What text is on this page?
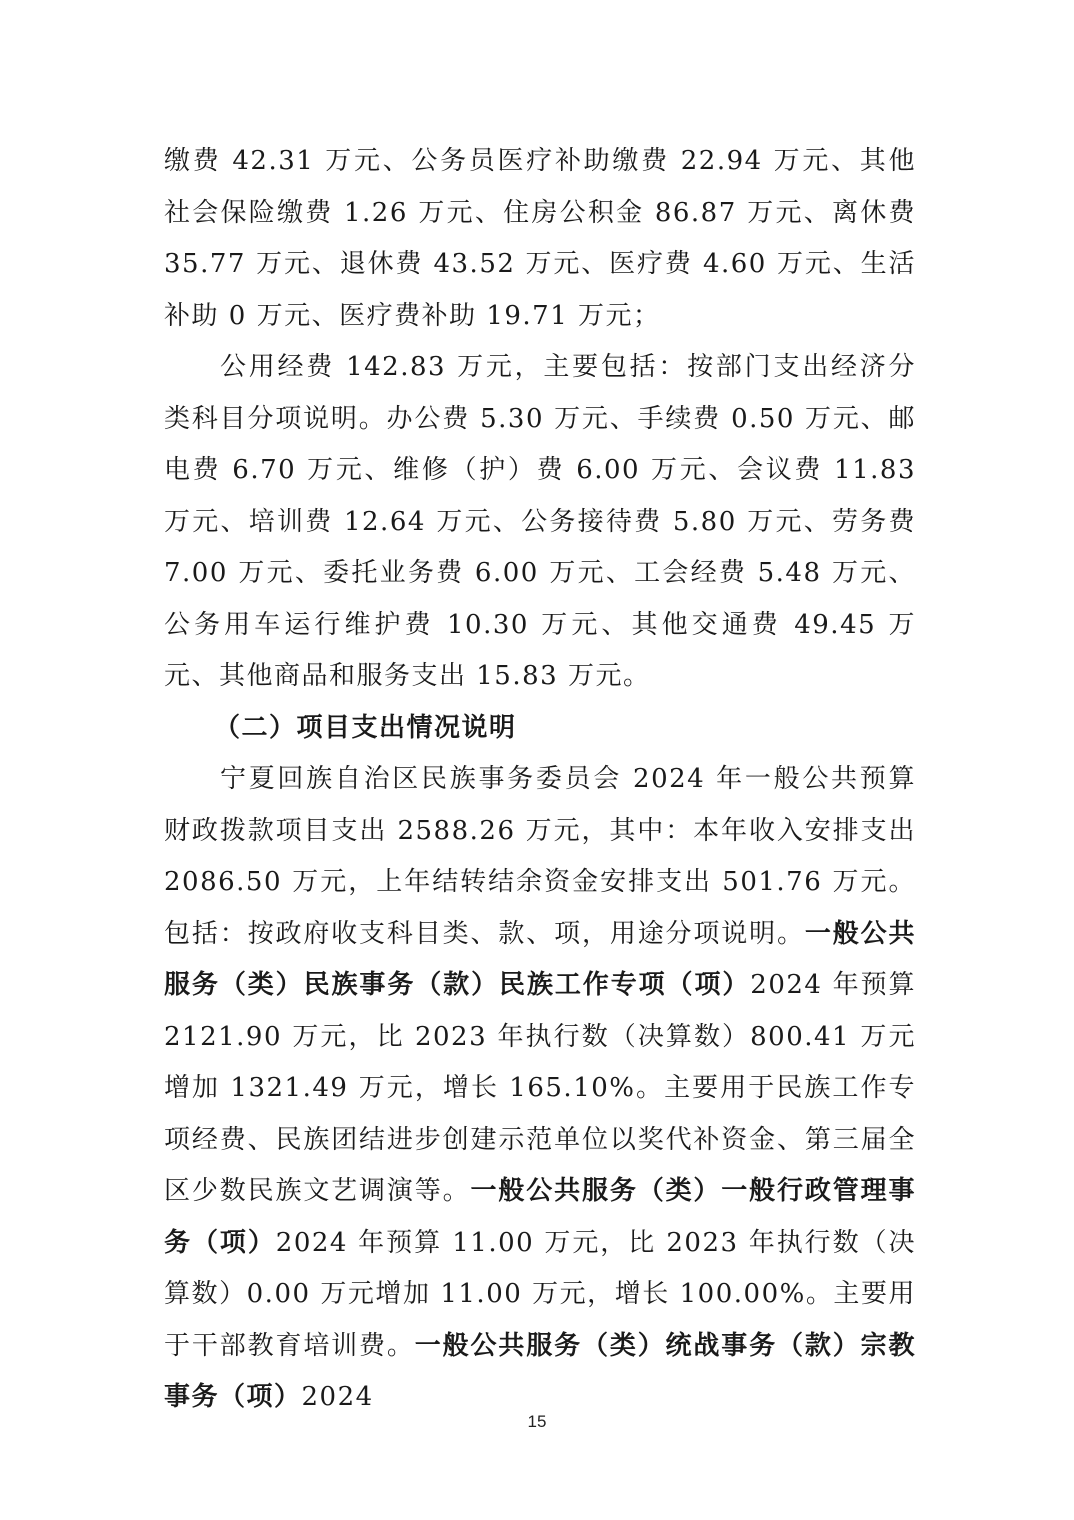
缴费 42.31 万元、公务员医疗补助缴费 22.94 万元、其他社会保险缴费 1.26 万元、住房公积金 86.87 万元、离休费 35.77 万元、退休费 43.52 万元、医疗费 4.60 万元、生活补助 0 万元、医疗费补助 19.71 万元；

公用经费 142.83 万元，主要包括：按部门支出经济分类科目分项说明。办公费 5.30 万元、手续费 0.50 万元、邮电费 6.70 万元、维修（护）费 6.00 万元、会议费 11.83 万元、培训费 12.64 万元、公务接待费 5.80 万元、劳务费 7.00 万元、委托业务费 6.00 万元、工会经费 5.48 万元、公务用车运行维护费 10.30 万元、其他交通费 49.45 万元、其他商品和服务支出 15.83 万元。

（二）项目支出情况说明

宁夏回族自治区民族事务委员会 2024 年一般公共预算财政拨款项目支出 2588.26 万元，其中：本年收入安排支出 2086.50 万元，上年结转结余资金安排支出 501.76 万元。包括：按政府收支科目类、款、项，用途分项说明。一般公共服务（类）民族事务（款）民族工作专项（项）2024 年预算 2121.90 万元，比 2023 年执行数（决算数）800.41 万元增加 1321.49 万元，增长 165.10%。主要用于民族工作专项经费、民族团结进步创建示范单位以奖代补资金、第三届全区少数民族文艺调演等。一般公共服务（类）一般行政管理事务（项）2024 年预算 11.00 万元，比 2023 年执行数（决算数）0.00 万元增加 11.00 万元，增长 100.00%。主要用于干部教育培训费。一般公共服务（类）统战事务（款）宗教事务（项）2024

15
